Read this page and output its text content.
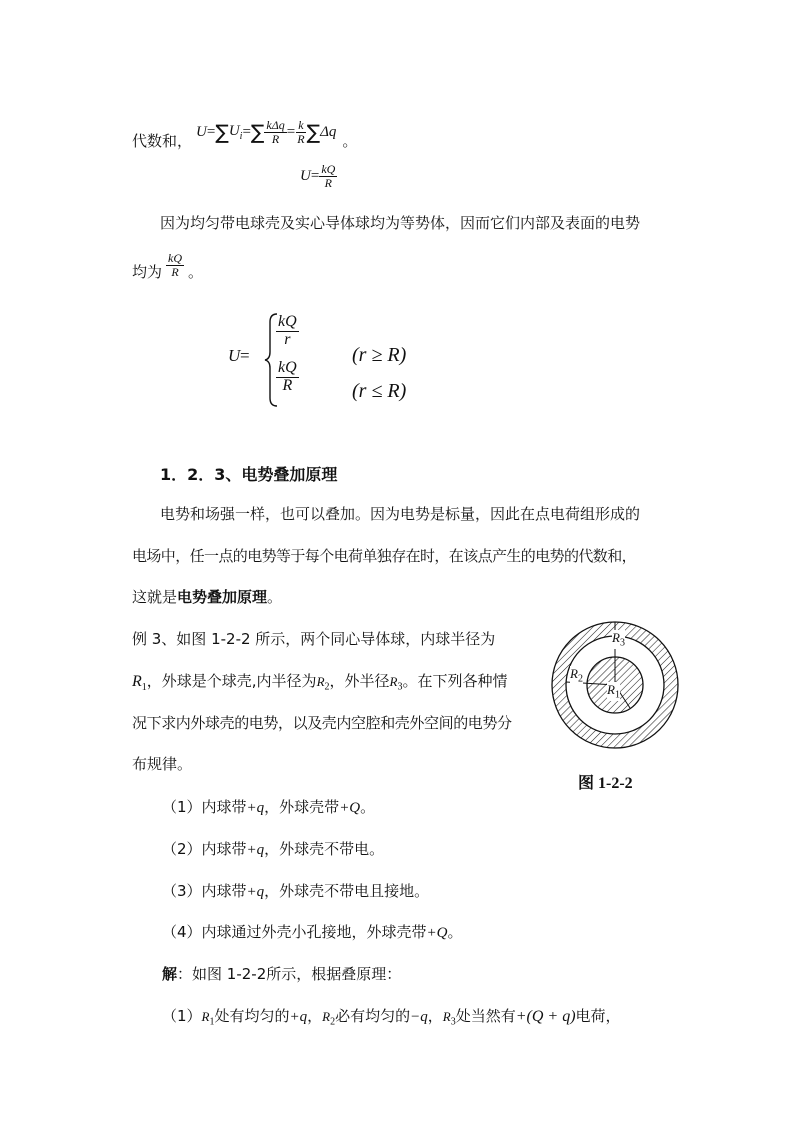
代数和， U = ∑ $U_i$ = ∑ $\frac{\text{kΔq}}{R} = \frac{k}{R}$ ∑ Δq 。
$U = \frac{kQ}{R}$
因为均匀带电球壳及实心导体球均为等势体，因而它们内部及表面的电势
均为 $\frac{kQ}{R}$ 。
U =
$\frac{kQ}{r}$
(r ≥ R)
$\frac{kQ}{R}$	(r ≤ R)
1．2．3、电势叠加原理
电势和场强一样，也可以叠加。因为电势是标量，因此在点电荷组形成的
电场中，任一点的电势等于每个电荷单独存在时，在该点产生的电势的代数和，
这就是电势叠加原理。
例 3、如图 1-2-2 所示，两个同心导体球，内球半径为
$R_1$ ，外球是个球壳,内半径为 $R_2$ ，外半径 $R_3$ 。在下列各种情
况下求内外球壳的电势，以及壳内空腔和壳外空间的电势分
布规律。
$R_3$
$R_2$
$R_1$
图 1-2-2
（1）内球带+q，外球壳带+Q。
（2）内球带+q，外球壳不带电。
（3）内球带+q，外球壳不带电且接地。
（4）内球通过外壳小孔接地，外球壳带+Q。
解：如图 1-2-2所示，根据叠原理：
（1） $R_1$ 处有均匀的 +q ， $R_2$ 必有均匀的 −q ， $R_3$ 处当然有 +(Q + q) 电荷，
